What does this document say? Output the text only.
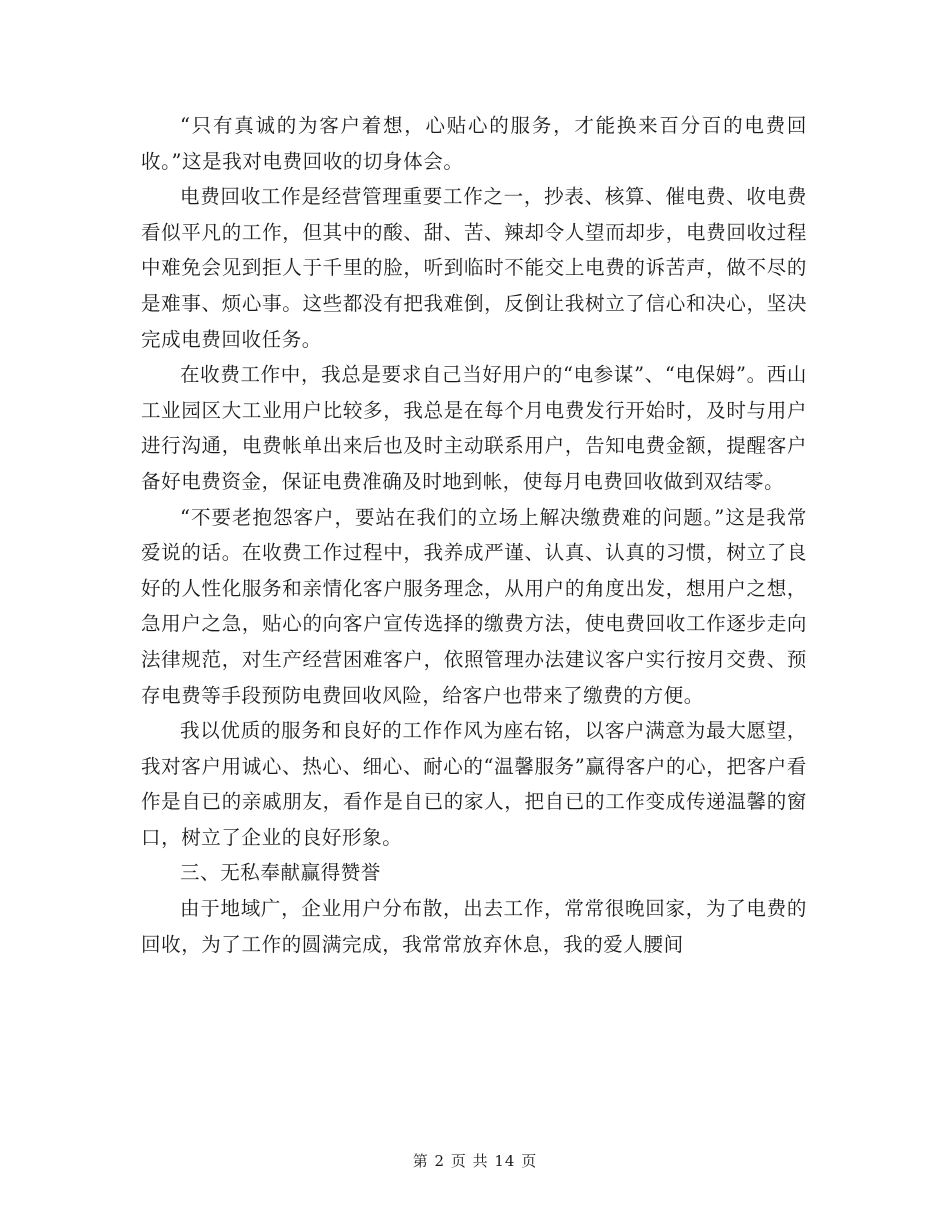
“只有真诚的为客户着想，心贴心的服务，才能换来百分百的电费回收。”这是我对电费回收的切身体会。

电费回收工作是经营管理重要工作之一，抄表、核算、催电费、收电费看似平凡的工作，但其中的酸、甜、苦、辣却令人望而却步，电费回收过程中难免会见到拒人于千里的脸，听到临时不能交上电费的诉苦声，做不尽的是难事、烦心事。这些都没有把我难倒，反倒让我树立了信心和决心，坚决完成电费回收任务。

在收费工作中，我总是要求自己当好用户的“电参谋”、“电保姆”。西山工业园区大工业用户比较多，我总是在每个月电费发行开始时，及时与用户进行沟通，电费帐单出来后也及时主动联系用户，告知电费金额，提醒客户备好电费资金，保证电费准确及时地到帐，使每月电费回收做到双结零。

“不要老抱怨客户，要站在我们的立场上解决缴费难的问题。”这是我常爱说的话。在收费工作过程中，我养成严谨、认真、认真的习惯，树立了良好的人性化服务和亲情化客户服务理念，从用户的角度出发，想用户之想，急用户之急，贴心的向客户宣传选择的缴费方法，使电费回收工作逐步走向法律规范，对生产经营困难客户，依照管理办法建议客户实行按月交费、预存电费等手段预防电费回收风险，给客户也带来了缴费的方便。

我以优质的服务和良好的工作作风为座右铭，以客户满意为最大愿望，我对客户用诚心、热心、细心、耐心的“温馨服务”赢得客户的心，把客户看作是自已的亲戚朋友，看作是自已的家人，把自已的工作变成传递温馨的窗口，树立了企业的良好形象。

三、无私奉献赢得赞誉

由于地域广，企业用户分布散，出去工作，常常很晚回家，为了电费的回收，为了工作的圆满完成，我常常放弃休息，我的爱人腰间

第 2 页 共 14 页
